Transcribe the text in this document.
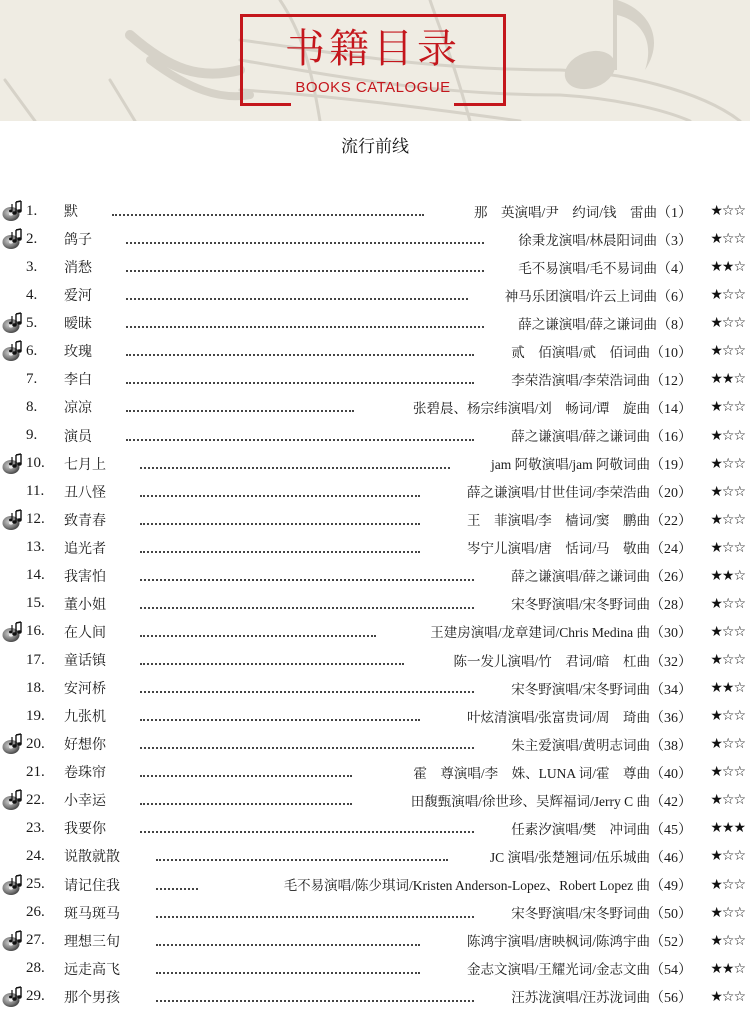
书籍目录
BOOKS CATALOGUE
流行前线
1.	默	那　英演唱/尹　约词/钱　雷曲（1） ★☆☆
2.	鸽子	徐秉龙演唱/林晨阳词曲（3） ★☆☆
3.	消愁	毛不易演唱/毛不易词曲（4） ★★☆
4.	爱河	神马乐团演唱/许云上词曲（6） ★☆☆
5.	暧昧	薛之谦演唱/薛之谦词曲（8） ★☆☆
6.	玫瑰	贰　佰演唱/贰　佰词曲（10） ★☆☆
7.	李白	李荣浩演唱/李荣浩词曲（12） ★★☆
8.	凉凉	张碧晨、杨宗纬演唱/刘　畅词/谭　旋曲（14） ★☆☆
9.	演员	薛之谦演唱/薛之谦词曲（16） ★☆☆
10.	七月上	jam 阿敬演唱/jam 阿敬词曲（19） ★☆☆
11.	丑八怪	薛之谦演唱/甘世佳词/李荣浩曲（20） ★☆☆
12.	致青春	王　菲演唱/李　樯词/窦　鹏曲（22） ★☆☆
13.	追光者	岑宁儿演唱/唐　恬词/马　敬曲（24） ★☆☆
14.	我害怕	薛之谦演唱/薛之谦词曲（26） ★★☆
15.	董小姐	宋冬野演唱/宋冬野词曲（28） ★☆☆
16.	在人间	王建房演唱/龙章建词/Chris Medina 曲（30） ★☆☆
17.	童话镇	陈一发儿演唱/竹　君词/暗　杠曲（32） ★☆☆
18.	安河桥	宋冬野演唱/宋冬野词曲（34） ★★☆
19.	九张机	叶炫清演唱/张富贵词/周　琦曲（36） ★☆☆
20.	好想你	朱主爱演唱/黄明志词曲（38） ★☆☆
21.	卷珠帘	霍　尊演唱/李　姝、LUNA 词/霍　尊曲（40） ★☆☆
22.	小幸运	田馥甄演唱/徐世珍、吴辉福词/Jerry C 曲（42） ★☆☆
23.	我要你	任素汐演唱/樊　冲词曲（45） ★★★
24.	说散就散	JC 演唱/张楚翘词/伍乐城曲（46） ★☆☆
25.	请记住我	毛不易演唱/陈少琪词/Kristen Anderson-Lopez、Robert Lopez 曲（49） ★☆☆
26.	斑马斑马	宋冬野演唱/宋冬野词曲（50） ★☆☆
27.	理想三旬	陈鸿宇演唱/唐映枫词/陈鸿宇曲（52） ★☆☆
28.	远走高飞	金志文演唱/王耀光词/金志文曲（54） ★★☆
29.	那个男孩	汪苏泷演唱/汪苏泷词曲（56） ★☆☆
